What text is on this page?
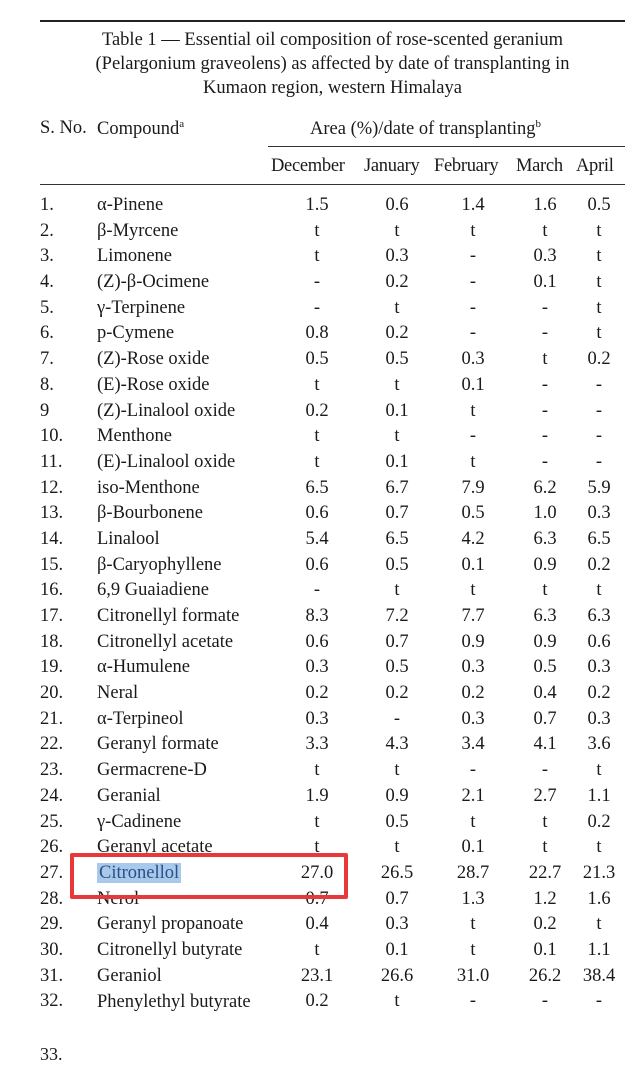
Table 1 — Essential oil composition of rose-scented geranium
(Pelargonium graveolens) as affected by date of transplanting in
Kumaon region, western Himalaya
S. No. Compound$^a$	Area (%)/date of transplanting$^b$
December January February March April
1. α-Pinene	1.5	0.6	1.4	1.6	0.5
2. β-Myrcene	t	t	t	t	t
3. Limonene	t	0.3	-	0.3	t
4. (Z)-β-Ocimene	-	0.2	-	0.1	t
5. γ-Terpinene	-	t	-	-	t
6. p-Cymene	0.8	0.2	-	-	t
7. (Z)-Rose oxide	0.5	0.5	0.3	t	0.2
8. (E)-Rose oxide	t	t	0.1	-	-
9	(Z)-Linalool oxide	0.2	0.1	t	-	-
10. Menthone	t	t	-	-	-
11. (E)-Linalool oxide	t	0.1	t	-	-
12. iso-Menthone	6.5	6.7	7.9	6.2	5.9
13. β-Bourbonene	0.6	0.7	0.5	1.0	0.3
14. Linalool	5.4	6.5	4.2	6.3	6.5
15. β-Caryophyllene	0.6	0.5	0.1	0.9	0.2
16. 6,9 Guaiadiene	-	t	t	t	t
17. Citronellyl formate	8.3	7.2	7.7	6.3	6.3
18. Citronellyl acetate	0.6	0.7	0.9	0.9	0.6
19. α-Humulene	0.3	0.5	0.3	0.5	0.3
20. Neral	0.2	0.2	0.2	0.4	0.2
21. α-Terpineol	0.3	-	0.3	0.7	0.3
22. Geranyl formate	3.3	4.3	3.4	4.1	3.6
23. Germacrene-D	t	t	-	-	t
24. Geranial	1.9	0.9	2.1	2.7	1.1
25. γ-Cadinene	t	0.5	t	t	0.2
26. Geranyl acetate	t	t	0.1	t	t
27. Citronellol	27.0	26.5	28.7	22.7	21.3
28. Nerol	0.7	0.7	1.3	1.2	1.6
29. Geranyl propanoate	0.4	0.3	t	0.2	t
30. Citronellyl butyrate	t	0.1	t	0.1	1.1
31. Geraniol	23.1	26.6	31.0	26.2	38.4
32. Phenylethyl butyrate	0.2	t	-	-	-
33.
